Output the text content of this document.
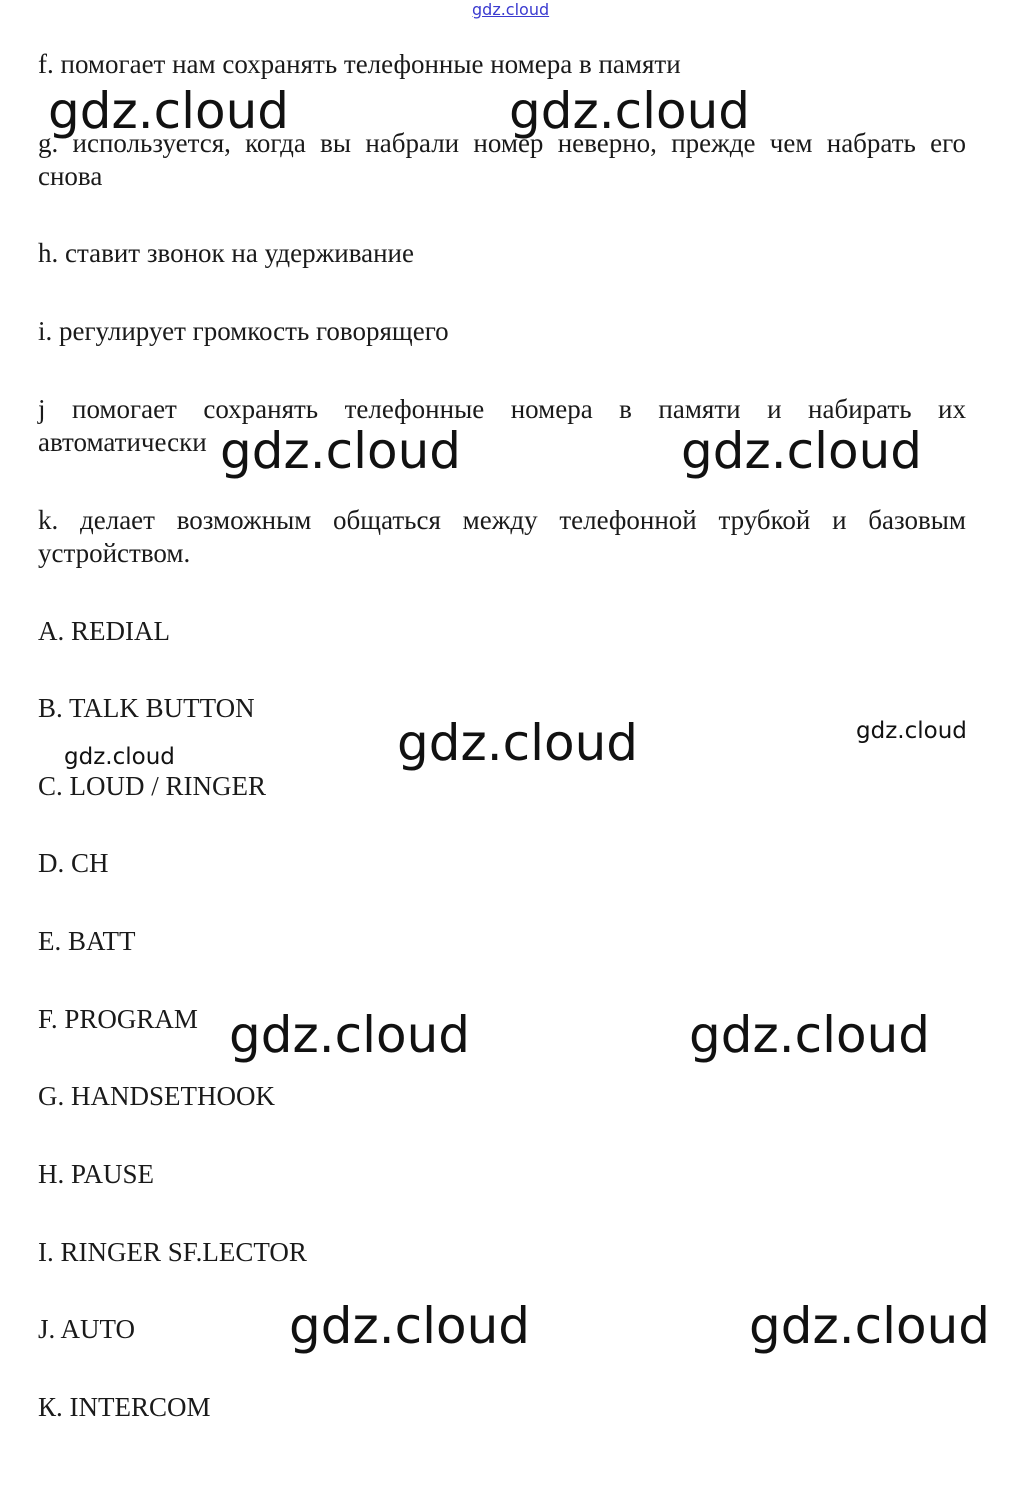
gdz.cloud
f. помогает нам сохранять телефонные номера в памяти
g. используется, когда вы набрали номер неверно, прежде чем набрать его
снова
h. ставит звонок на удерживание
i. регулирует громкость говорящего
j помогает сохранять телефонные номера в памяти и набирать их
автоматически
k. делает возможным общаться между телефонной трубкой и базовым
устройством.
A. REDIAL
B. TALK BUTTON
C. LOUD / RINGER
D. CH
E. BATT
F. PROGRAM
G. HANDSETHOOK
H. PAUSE
I. RINGER SF.LECTOR
J. AUTO
К. INTERCOM
gdz.cloud	gdz.cloud
gdz.cloud	gdz.cloud
gdz.cloud	gdz.cloud
gdz.cloud
gdz.cloud	gdz.cloud
gdz.cloud	gdz.cloud
